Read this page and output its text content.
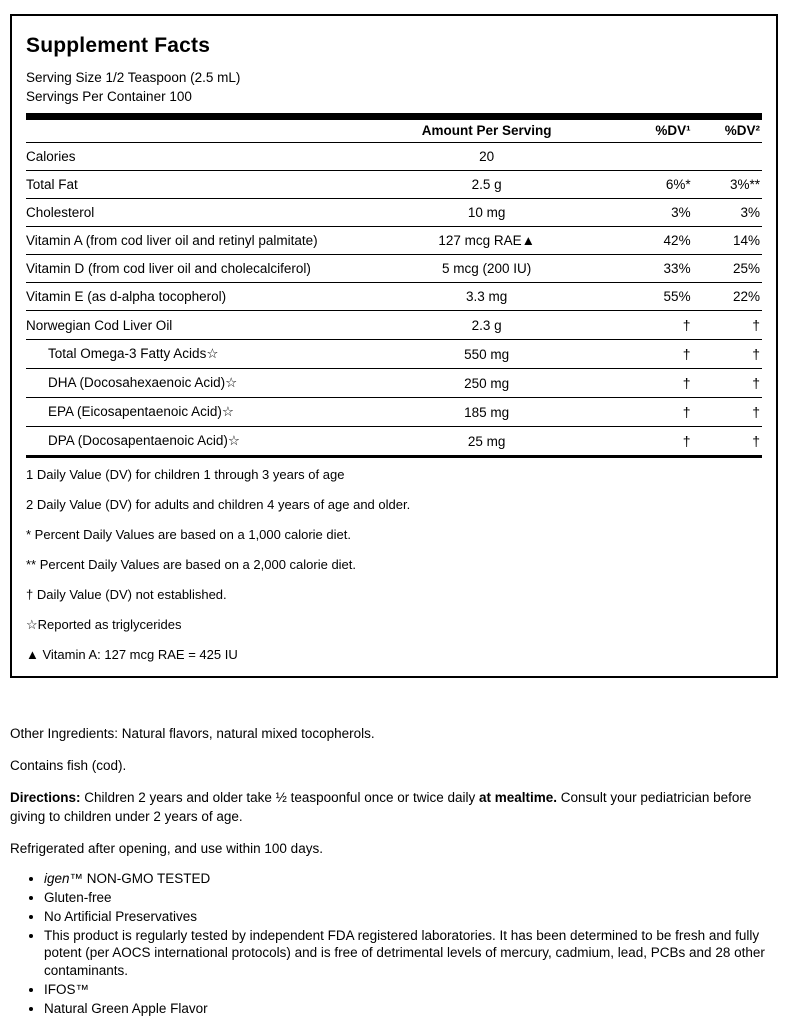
Supplement Facts
Serving Size 1/2 Teaspoon (2.5 mL)
Servings Per Container 100
	Amount Per Serving	%DV¹	%DV²
Calories	20		
Total Fat	2.5 g	6%*	3%**
Cholesterol	10 mg	3%	3%
Vitamin A (from cod liver oil and retinyl palmitate)	127 mcg RAE▲	42%	14%
Vitamin D (from cod liver oil and cholecalciferol)	5 mcg (200 IU)	33%	25%
Vitamin E (as d-alpha tocopherol)	3.3 mg	55%	22%
Norwegian Cod Liver Oil	2.3 g	†	†
Total Omega-3 Fatty Acids☆	550 mg	†	†
DHA (Docosahexaenoic Acid)☆	250 mg	†	†
EPA (Eicosapentaenoic Acid)☆	185 mg	†	†
DPA (Docosapentaenoic Acid)☆	25 mg	†	†
1 Daily Value (DV) for children 1 through 3 years of age
2 Daily Value (DV) for adults and children 4 years of age and older.
* Percent Daily Values are based on a 1,000 calorie diet.
** Percent Daily Values are based on a 2,000 calorie diet.
† Daily Value (DV) not established.
☆Reported as triglycerides
▲ Vitamin A: 127 mcg RAE = 425 IU

Other Ingredients: Natural flavors, natural mixed tocopherols.

Contains fish (cod).

Directions: Children 2 years and older take ½ teaspoonful once or twice daily at mealtime. Consult your pediatrician before giving to children under 2 years of age.

Refrigerated after opening, and use within 100 days.

• igen™ NON-GMO TESTED
• Gluten-free
• No Artificial Preservatives
• This product is regularly tested by independent FDA registered laboratories. It has been determined to be fresh and fully potent (per AOCS international protocols) and is free of detrimental levels of mercury, cadmium, lead, PCBs and 28 other contaminants.
• IFOS™
• Natural Green Apple Flavor
